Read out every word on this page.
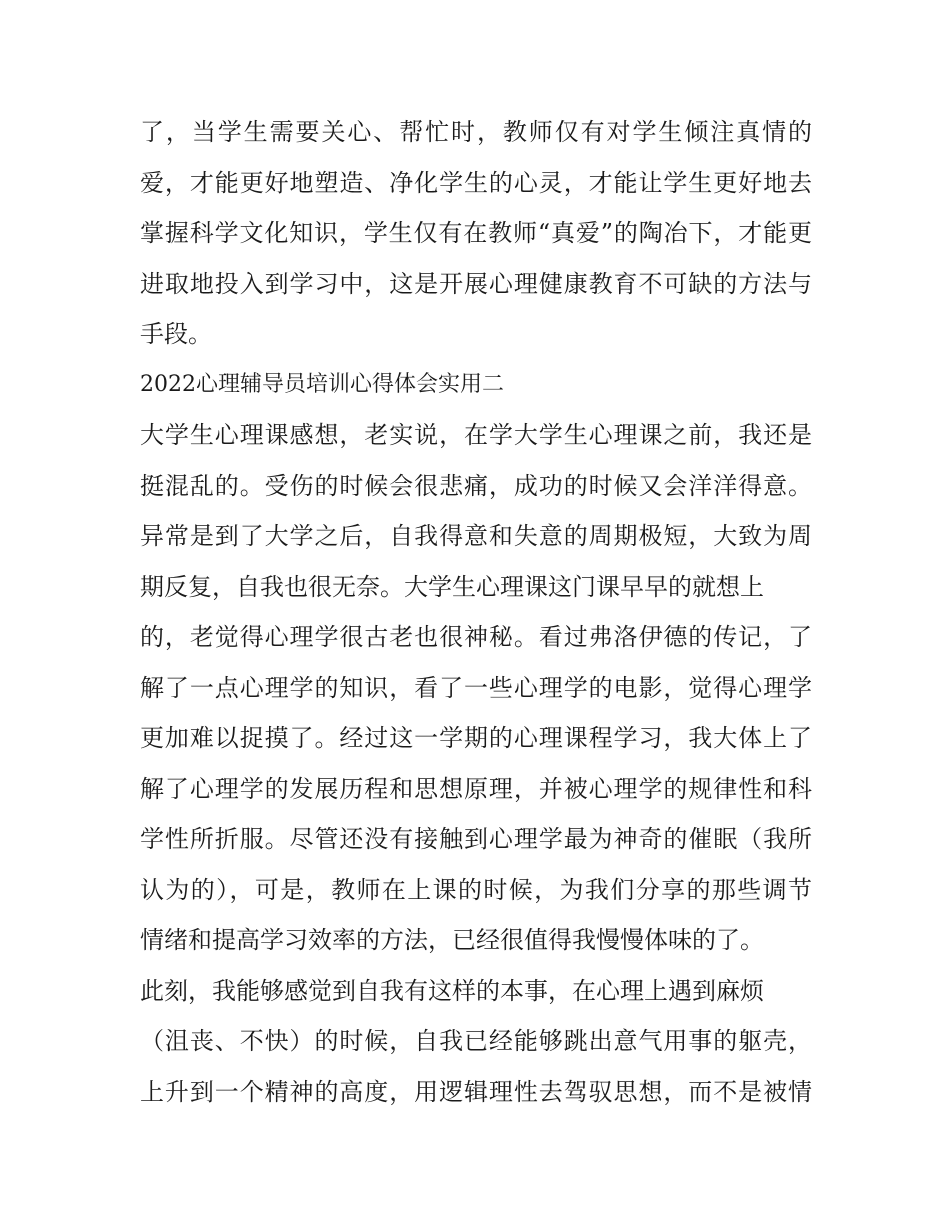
了，当学生需要关心、帮忙时，教师仅有对学生倾注真情的
爱，才能更好地塑造、净化学生的心灵，才能让学生更好地去
掌握科学文化知识，学生仅有在教师“真爱”的陶冶下，才能更
进取地投入到学习中，这是开展心理健康教育不可缺的方法与
手段。
2022心理辅导员培训心得体会实用二
大学生心理课感想，老实说，在学大学生心理课之前，我还是
挺混乱的。受伤的时候会很悲痛，成功的时候又会洋洋得意。
异常是到了大学之后，自我得意和失意的周期极短，大致为周
期反复，自我也很无奈。大学生心理课这门课早早的就想上
的，老觉得心理学很古老也很神秘。看过弗洛伊德的传记，了
解了一点心理学的知识，看了一些心理学的电影，觉得心理学
更加难以捉摸了。经过这一学期的心理课程学习，我大体上了
解了心理学的发展历程和思想原理，并被心理学的规律性和科
学性所折服。尽管还没有接触到心理学最为神奇的催眠（我所
认为的），可是，教师在上课的时候，为我们分享的那些调节
情绪和提高学习效率的方法，已经很值得我慢慢体味的了。
此刻，我能够感觉到自我有这样的本事，在心理上遇到麻烦
（沮丧、不快）的时候，自我已经能够跳出意气用事的躯壳，
上升到一个精神的高度，用逻辑理性去驾驭思想，而不是被情
